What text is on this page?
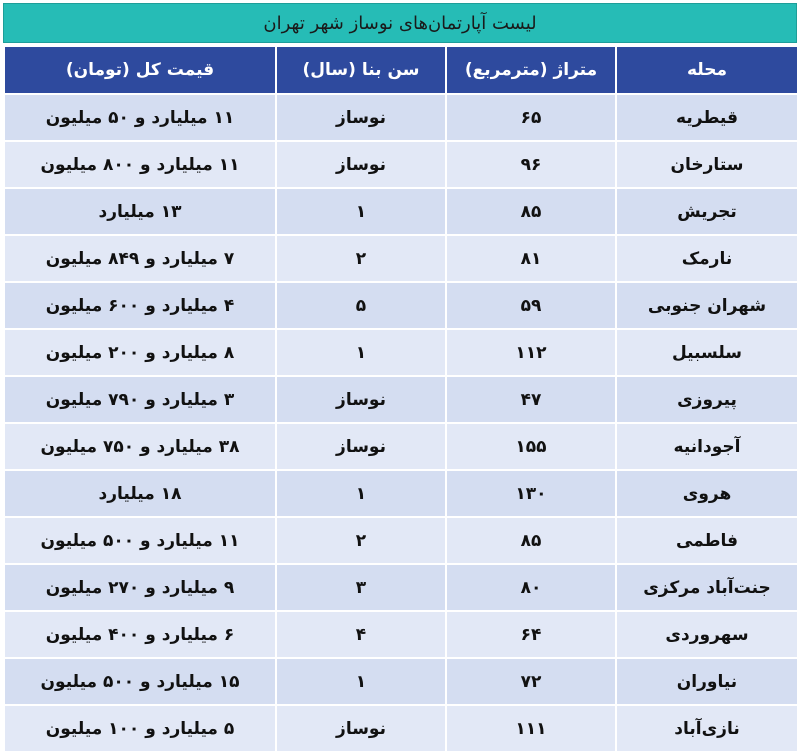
لیست آپارتمان‌های نوساز شهر تهران
محله	متراژ (مترمربع)	سن بنا (سال)	قیمت کل (تومان)
قیطریه	۶۵	نوساز	۱۱ میلیارد و ۵۰ میلیون
ستارخان	۹۶	نوساز	۱۱ میلیارد و ۸۰۰ میلیون
تجریش	۸۵	۱	۱۳ میلیارد
نارمک	۸۱	۲	۷ میلیارد و ۸۴۹ میلیون
شهران جنوبی	۵۹	۵	۴ میلیارد و ۶۰۰ میلیون
سلسبیل	۱۱۲	۱	۸ میلیارد و ۲۰۰ میلیون
پیروزی	۴۷	نوساز	۳ میلیارد و ۷۹۰ میلیون
آجودانیه	۱۵۵	نوساز	۳۸ میلیارد و ۷۵۰ میلیون
هروی	۱۳۰	۱	۱۸ میلیارد
فاطمی	۸۵	۲	۱۱ میلیارد و ۵۰۰ میلیون
جنت‌آباد مرکزی	۸۰	۳	۹ میلیارد و ۲۷۰ میلیون
سهروردی	۶۴	۴	۶ میلیارد و ۴۰۰ میلیون
نیاوران	۷۲	۱	۱۵ میلیارد و ۵۰۰ میلیون
نازی‌آباد	۱۱۱	نوساز	۵ میلیارد و ۱۰۰ میلیون
